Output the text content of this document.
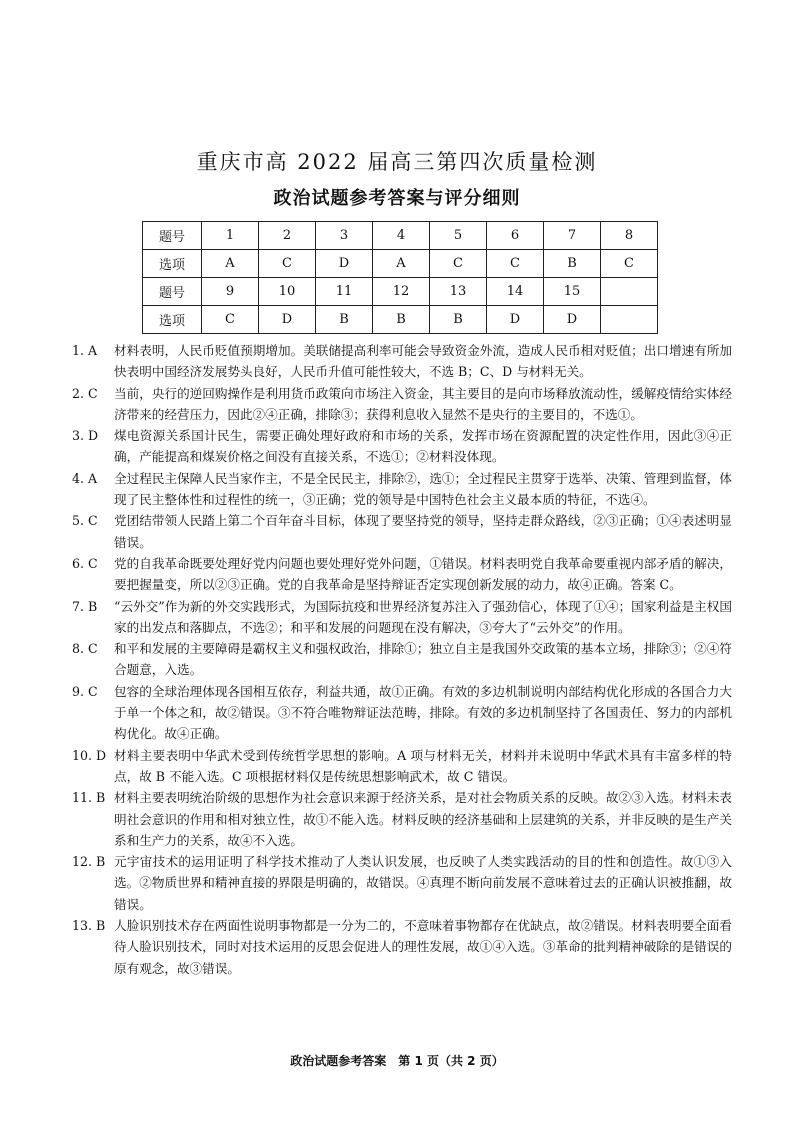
重庆市高 2022 届高三第四次质量检测
政治试题参考答案与评分细则
题号	1	2	3	4	5	6	7	8
选项	A	C	D	A	C	C	B	C
题号	9	10	11	12	13	14	15	
选项	C	D	B	B	B	D	D	
1. A	材料表明，人民币贬值预期增加。美联储提高利率可能会导致资金外流，造成人民币相对贬值；出口增速有所加快表明中国经济发展势头良好，人民币升值可能性较大，不选 B；C、D 与材料无关。
2. C	当前，央行的逆回购操作是利用货币政策向市场注入资金，其主要目的是向市场释放流动性，缓解疫情给实体经济带来的经营压力，因此②④正确，排除③；获得利息收入显然不是央行的主要目的，不选①。
3. D	煤电资源关系国计民生，需要正确处理好政府和市场的关系，发挥市场在资源配置的决定性作用，因此③④正确，产能提高和煤炭价格之间没有直接关系，不选①；②材料没体现。
4. A	全过程民主保障人民当家作主，不是全民民主，排除②，选①；全过程民主贯穿于选举、决策、管理到监督，体现了民主整体性和过程性的统一，③正确；党的领导是中国特色社会主义最本质的特征，不选④。
5. C	党团结带领人民踏上第二个百年奋斗目标，体现了要坚持党的领导，坚持走群众路线，②③正确；①④表述明显错误。
6. C	党的自我革命既要处理好党内问题也要处理好党外问题，①错误。材料表明党自我革命要重视内部矛盾的解决，要把握量变，所以②③正确。党的自我革命是坚持辩证否定实现创新发展的动力，故④正确。答案 C。
7. B	“云外交”作为新的外交实践形式，为国际抗疫和世界经济复苏注入了强劲信心，体现了①④；国家利益是主权国家的出发点和落脚点，不选②；和平和发展的问题现在没有解决，③夸大了“云外交”的作用。
8. C	和平和发展的主要障碍是霸权主义和强权政治，排除①；独立自主是我国外交政策的基本立场，排除③；②④符合题意，入选。
9. C	包容的全球治理体现各国相互依存，利益共通，故①正确。有效的多边机制说明内部结构优化形成的各国合力大于单一个体之和，故②错误。③不符合唯物辩证法范畴，排除。有效的多边机制坚持了各国责任、努力的内部机构优化。故④正确。
10. D 材料主要表明中华武术受到传统哲学思想的影响。A 项与材料无关，材料并未说明中华武术具有丰富多样的特点，故 B 不能入选。C 项根据材料仅是传统思想影响武术，故 C 错误。
11. B 材料主要表明统治阶级的思想作为社会意识来源于经济关系，是对社会物质关系的反映。故②③入选。材料未表明社会意识的作用和相对独立性，故①不能入选。材料反映的经济基础和上层建筑的关系，并非反映的是生产关系和生产力的关系，故④不入选。
12. B 元宇宙技术的运用证明了科学技术推动了人类认识发展，也反映了人类实践活动的目的性和创造性。故①③入选。②物质世界和精神直接的界限是明确的，故错误。④真理不断向前发展不意味着过去的正确认识被推翻，故错误。
13. B 人脸识别技术存在两面性说明事物都是一分为二的，不意味着事物都存在优缺点，故②错误。材料表明要全面看待人脸识别技术，同时对技术运用的反思会促进人的理性发展，故①④入选。③革命的批判精神破除的是错误的原有观念，故③错误。
政治试题参考答案　第 1 页（共 2 页）
